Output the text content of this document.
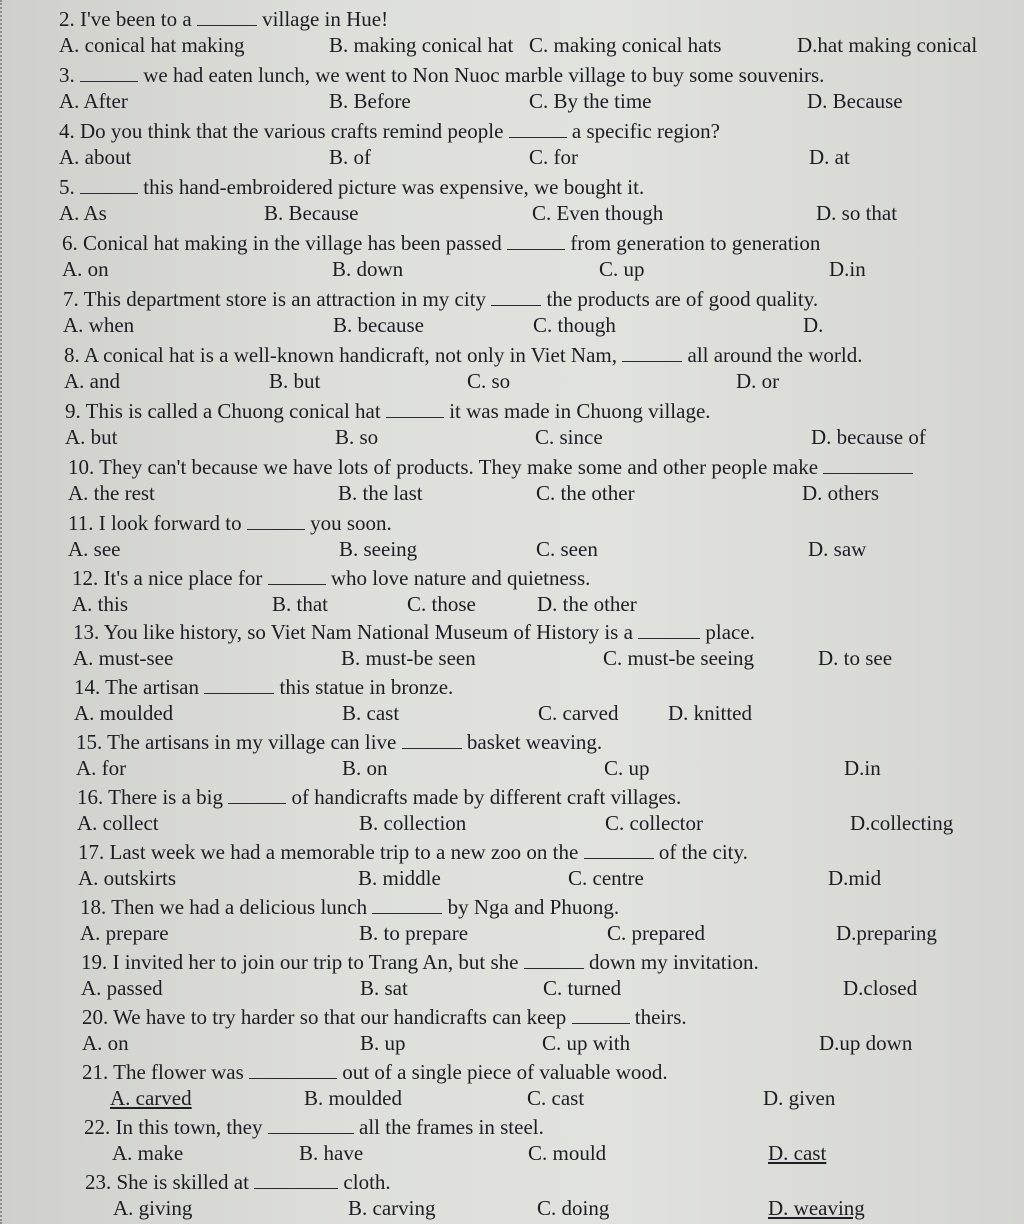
2. I've been to a	village in Hue!
A. conical hat making	B. making conical hat C. making conical hats	D.hat making conical
3.	we had eaten lunch, we went to Non Nuoc marble village to buy some souvenirs.
A. After	B. Before	C. By the time	D. Because
4. Do you think that the various crafts remind people	a specific region?
A. about	B. of	C. for	D. at
5.	this hand-embroidered picture was expensive, we bought it.
A. As	B. Because	C. Even though	D. so that
6. Conical hat making in the village has been passed	from generation to generation
A. on	B. down	C. up	D.in
7. This department store is an attraction in my city	the products are of good quality.
A. when	B. because	C. though	D.
8. A conical hat is a well-known handicraft, not only in Viet Nam,	all around the world.
A. and	B. but	C. so	D. or
9. This is called a Chuong conical hat	it was made in Chuong village.
A. but	B. so	C. since	D. because of
10. They can't because we have lots of products. They make some and other people make
A. the rest	B. the last	C. the other	D. others
11. I look forward to	you soon.
A. see	B. seeing	C. seen	D. saw
12. It's a nice place for	who love nature and quietness.
A. this	B. that	C. those	D. the other
13. You like history, so Viet Nam National Museum of History is a	place.
A. must-see	B. must-be seen	C. must-be seeing	D. to see
14. The artisan	this statue in bronze.
A. moulded	B. cast	C. carved D. knitted
15. The artisans in my village can live	basket weaving.
A. for	B. on	C. up	D.in
16. There is a big	of handicrafts made by different craft villages.
A. collect	B. collection	C. collector	D.collecting
17. Last week we had a memorable trip to a new zoo on the	of the city.
A. outskirts	B. middle	C. centre	D.mid
18. Then we had a delicious lunch	by Nga and Phuong.
A. prepare	B. to prepare	C. prepared	D.preparing
19. I invited her to join our trip to Trang An, but she	down my invitation.
A. passed	B. sat	C. turned	D.closed
20. We have to try harder so that our handicrafts can keep	theirs.
A. on	B. up	C. up with	D.up down
21. The flower was	out of a single piece of valuable wood.
A. carved	B. moulded	C. cast	D. given
22. In this town, they	all the frames in steel.
A. make	B. have	C. mould	D. cast
23. She is skilled at	cloth.
A. giving	B. carving	C. doing	D. weaving
